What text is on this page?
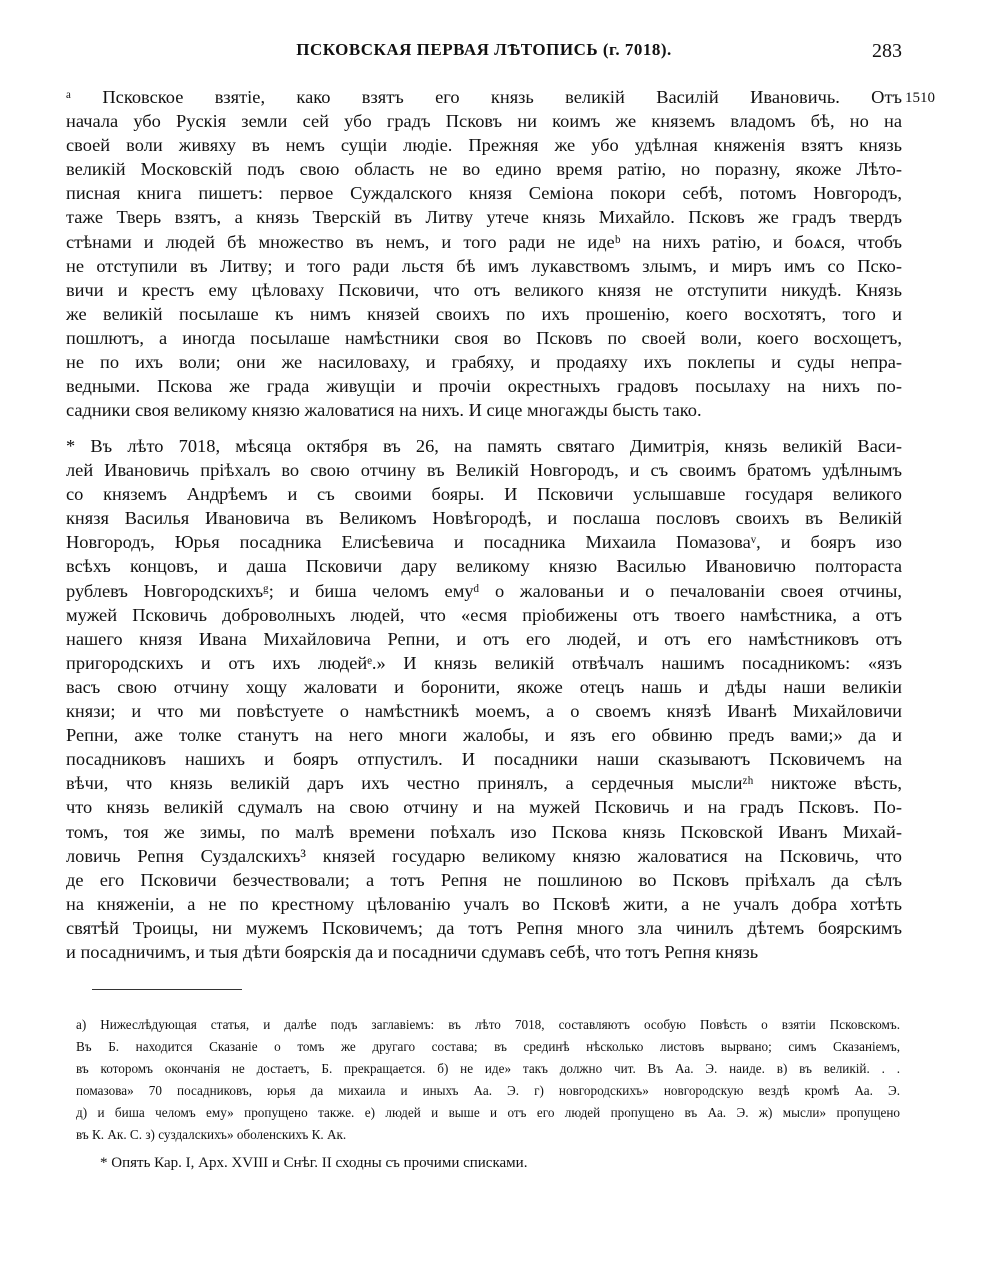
ПСКОВСКАЯ ПЕРВАЯ ЛѢТОПИСЬ (г. 7018).	283
1510
ᵃ Псковское взятіе, како взятъ его князь великій Василій Ивановичь. Отъ
начала убо Рускія земли сей убо градъ Псковъ ни коимъ же княземъ владомъ бѣ, но на
своей воли живяху въ немъ сущіи людіе. Прежняя же убо удѣлная княженія взятъ князь
великій Московскій подъ свою область не во едино время ратію, но поразну, якоже Лѣто-
писная книга пишетъ: первое Суждалского князя Семіона покори себѣ, потомъ Новгородъ,
таже Тверь взятъ, а князь Тверскій въ Литву утече князь Михайло. Псковъ же градъ твердъ
стѣнами и людей бѣ множество въ немъ, и того ради не идеᵇ на нихъ ратію, и боѧся, чтобъ
не отступили въ Литву; и того ради льстя бѣ имъ лукавствомъ злымъ, и миръ имъ со Пско-
вичи и крестъ ему цѣловаху Псковичи, что отъ великого князя не отступити никудѣ. Князь
же великій посылаше къ нимъ князей своихъ по ихъ прошенію, коего восхотятъ, того и
пошлютъ, а иногда посылаше намѣстники своя во Псковъ по своей воли, коего восхощетъ,
не по ихъ воли; они же насиловаху, и грабяху, и продаяху ихъ поклепы и суды непра-
ведными. Пскова же града живущіи и прочіи окрестныхъ градовъ посылаху на нихъ по-
садники своя великому князю жаловатися на нихъ. И сице многажды бысть тако.
* Въ лѣто 7018, мѣсяца октября въ 26, на память святаго Димитрія, князь великій Васи-
лей Ивановичь пріѣхалъ во свою отчину въ Великій Новгородъ, и съ своимъ братомъ удѣлнымъ
со княземъ Андрѣемъ и съ своими бояры. И Псковичи услышавше государя великого
князя Василья Ивановича въ Великомъ Новѣгородѣ, и послаша пословъ своихъ въ Великій
Новгородъ, Юрья посадника Елисѣевича и посадника Михаила Помазоваᵛ, и бояръ изо
всѣхъ концовъ, и даша Псковичи дару великому князю Василью Ивановичю полтораста
рублевъ Новгородскихъᵍ; и биша челомъ емуᵈ о жалованьи и о печалованіи своея отчины,
мужей Псковичь доброволныхъ людей, что «есмя пріобижены отъ твоего намѣстника, а отъ
нашего князя Ивана Михайловича Репни, и отъ его людей, и отъ его намѣстниковъ отъ
пригородскихъ и отъ ихъ людейᵉ.» И князь великій отвѣчалъ нашимъ посадникомъ: «язъ
васъ свою отчину хощу жаловати и боронити, якоже отецъ нашь и дѣды наши великіи
князи; и что ми повѣстуете о намѣстникѣ моемъ, а о своемъ князѣ Иванѣ Михайловичи
Репни, аже толке станутъ на него многи жалобы, и язъ его обвиню предъ вами;» да и
посадниковъ нашихъ и бояръ отпустилъ. И посадники наши сказываютъ Псковичемъ на
вѣчи, что князь великій даръ ихъ честно принялъ, а сердечныя мыслиᶻʰ никтоже вѣсть,
что князь великій сдумалъ на свою отчину и на мужей Псковичь и на градъ Псковъ. По-
томъ, тоя же зимы, по малѣ времени поѣхалъ изо Пскова князь Псковской Иванъ Михай-
ловичь Репня Суздалскихъ³ князей государю великому князю жаловатися на Псковичь, что
де его Псковичи безчествовали; а тотъ Репня не пошлиною во Псковъ пріѣхалъ да сѣлъ
на княженіи, а не по крестному цѣлованію учалъ во Псковѣ жити, а не учалъ добра хотѣть
святѣй Троицы, ни мужемъ Псковичемъ; да тотъ Репня много зла чинилъ дѣтемъ боярскимъ
и посадничимъ, и тыя дѣти боярскія да и посадничи сдумавъ себѣ, что тотъ Репня князь
а) Нижеслѣдующая статья, и далѣе подъ заглавіемъ: въ лѣто 7018, составляютъ особую Повѣсть о взятіи Псковскомъ.
Въ Б. находится Сказаніе о томъ же другаго состава; въ срединѣ нѣсколько листовъ вырвано; симъ Сказаніемъ,
въ которомъ окончанія не достаетъ, Б. прекращается. б) не иде» такъ должно чит. Въ Аа. Э. наиде. в) въ великій. . .
помазова» 70 посадниковъ, юрья да михаила и иныхъ Аа. Э. г) новгородскихъ» новгородскую вездѣ кромѣ Аа. Э.
д) и биша челомъ ему» пропущено также. е) людей и выше и отъ его людей пропущено въ Аа. Э. ж) мысли» пропущено
въ К. Ак. С. з) суздалскихъ» оболенскихъ К. Ак.
* Опять Кар. I, Арх. XVIII и Снѣг. II сходны съ прочими списками.
